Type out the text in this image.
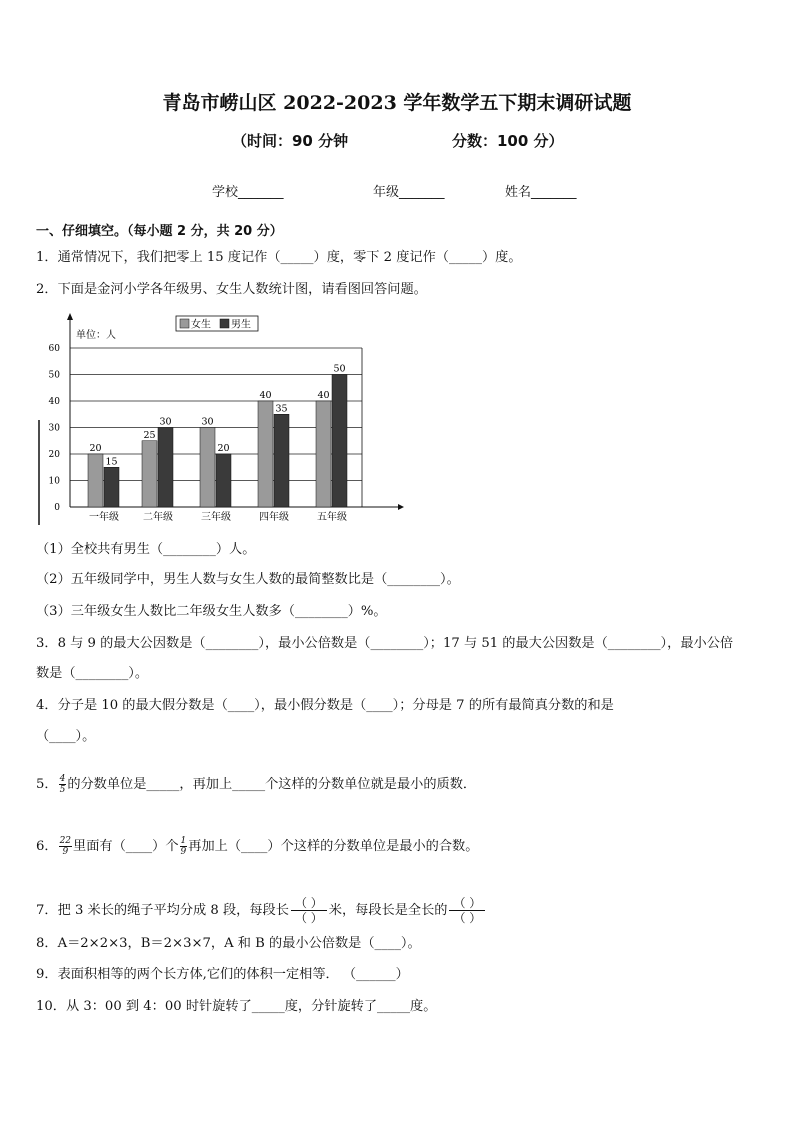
青岛市崂山区 2022-2023 学年数学五下期末调研试题
（时间：90 分钟	分数：100 分）
学校_______	年级_______	姓名_______
一、仔细填空。（每小题 2 分，共 20 分）
1．通常情况下，我们把零上 15 度记作（_____）度，零下 2 度记作（_____）度。
2．下面是金河小学各年级男、女生人数统计图，请看图回答问题。
0
10
20
30
40
50
60
单位：人
20
15
一年级
25
30
二年级
30
20
三年级
40
35
四年级
40
50
五年级
女生 男生
（1）全校共有男生（________）人。
（2）五年级同学中，男生人数与女生人数的最简整数比是（________）。
（3）三年级女生人数比二年级女生人数多（________）%。
3．8 与 9 的最大公因数是（________），最小公倍数是（________）；17 与 51 的最大公因数是（________），最小公倍
数是（________）。
4．分子是 10 的最大假分数是（____），最小假分数是（____）；分母是 7 的所有最简真分数的和是
（____）。
5． $\frac{4}{5}$ 的分数单位是_____，再加上_____个这样的分数单位就是最小的质数．
6． $\frac{22}{9}$ 里面有（____）个 $\frac{1}{9}$ 再加上（____）个这样的分数单位是最小的合数。
7．把 3 米长的绳子平均分成 8 段，每段长 （ ）
（ ） 米，每段长是全长的 （ ）
（ ）
8．A＝2×2×3，B＝2×3×7，A 和 B 的最小公倍数是（____）。
9．表面积相等的两个长方体,它们的体积一定相等． （______）
10．从 3：00 到 4：00 时针旋转了_____度，分针旋转了_____度。
